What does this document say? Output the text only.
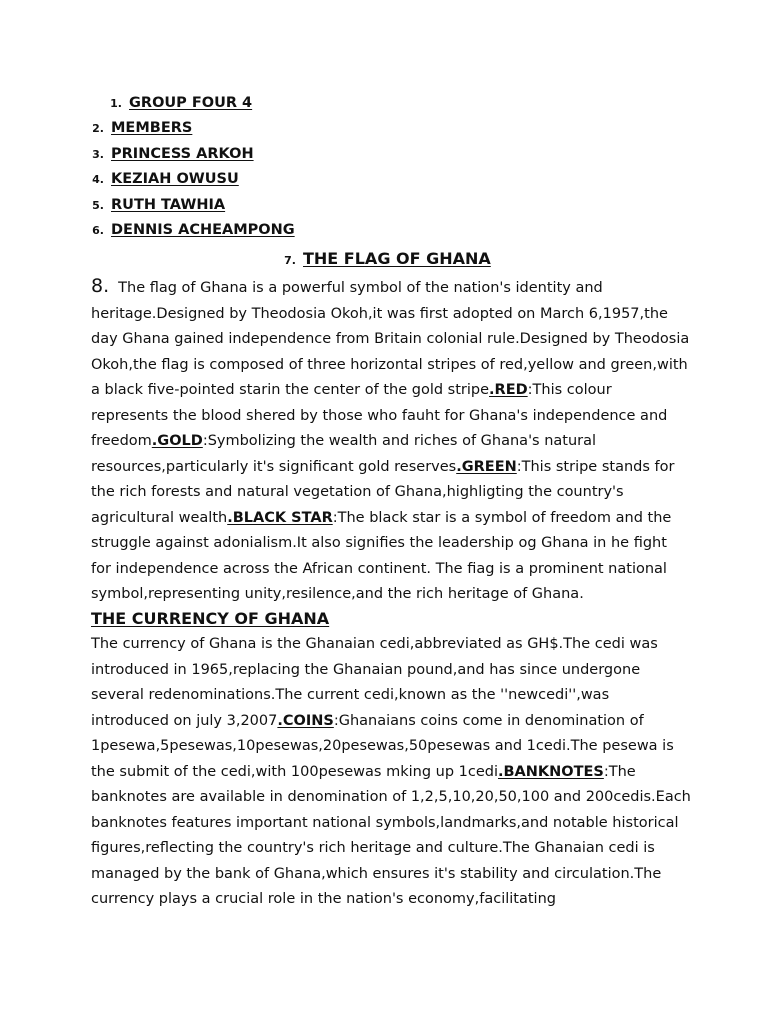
1. GROUP FOUR 4
2. MEMBERS
3. PRINCESS ARKOH
4. KEZIAH OWUSU
5. RUTH TAWHIA
6. DENNIS ACHEAMPONG
7. THE FLAG OF GHANA

8. The flag of Ghana is a powerful symbol of the nation's identity and heritage.Designed by Theodosia Okoh,it was first adopted on March 6,1957,the day Ghana gained independence from Britain colonial rule.Designed by Theodosia Okoh,the flag is composed of three horizontal stripes of red,yellow and green,with a black five-pointed starin the center of the gold stripe.RED:This colour represents the blood shered by those who fauht for Ghana's independence and freedom.GOLD:Symbolizing the wealth and riches of Ghana's natural resources,particularly it's significant gold reserves.GREEN:This stripe stands for the rich forests and natural vegetation of Ghana,highligting the country's agricultural wealth.BLACK STAR:The black star is a symbol of freedom and the struggle against adonialism.It also signifies the leadership og Ghana in he fight for independence across the African continent. The fiag is a prominent national symbol,representing unity,resilence,and the rich heritage of Ghana.

THE CURRENCY OF GHANA

The currency of Ghana is the Ghanaian cedi,abbreviated as GH$.The cedi was introduced in 1965,replacing the Ghanaian pound,and has since undergone several redenominations.The current cedi,known as the ''newcedi'',was introduced on july 3,2007.COINS:Ghanaians coins come in denomination of 1pesewa,5pesewas,10pesewas,20pesewas,50pesewas and 1cedi.The pesewa is the submit of the cedi,with 100pesewas mking up 1cedi.BANKNOTES:The banknotes are available in denomination of 1,2,5,10,20,50,100 and 200cedis.Each banknotes features important national symbols,landmarks,and notable historical figures,reflecting the country's rich heritage and culture.The Ghanaian cedi is managed by the bank of Ghana,which ensures it's stability and circulation.The currency plays a crucial role in the nation's economy,facilitating
